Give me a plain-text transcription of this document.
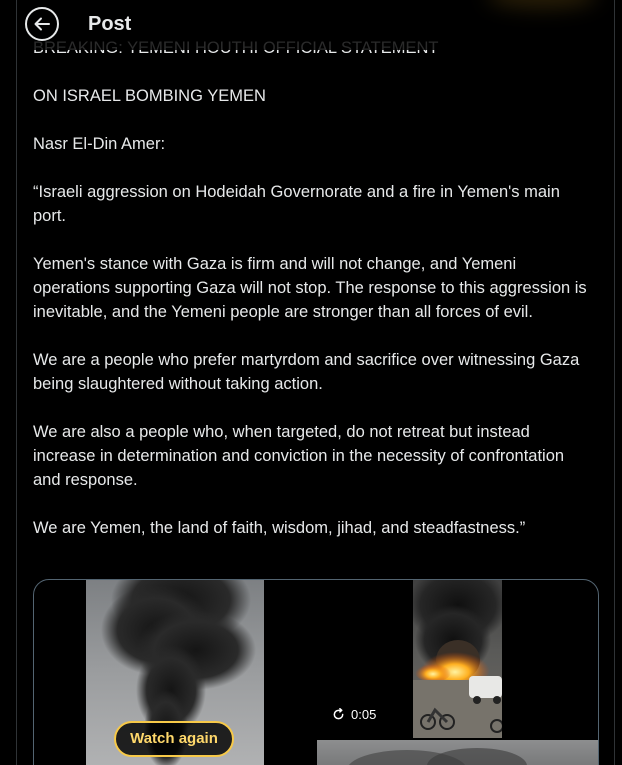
Post

ON ISRAEL BOMBING YEMEN

Nasr El-Din Amer:

“Israeli aggression on Hodeidah Governorate and a fire in Yemen's main port.

Yemen's stance with Gaza is firm and will not change, and Yemeni operations supporting Gaza will not stop. The response to this aggression is inevitable, and the Yemeni people are stronger than all forces of evil.

We are a people who prefer martyrdom and sacrifice over witnessing Gaza being slaughtered without taking action.

We are also a people who, when targeted, do not retreat but instead increase in determination and conviction in the necessity of confrontation and response.

We are Yemen, the land of faith, wisdom, jihad, and steadfastness.”

0:05
Watch again
